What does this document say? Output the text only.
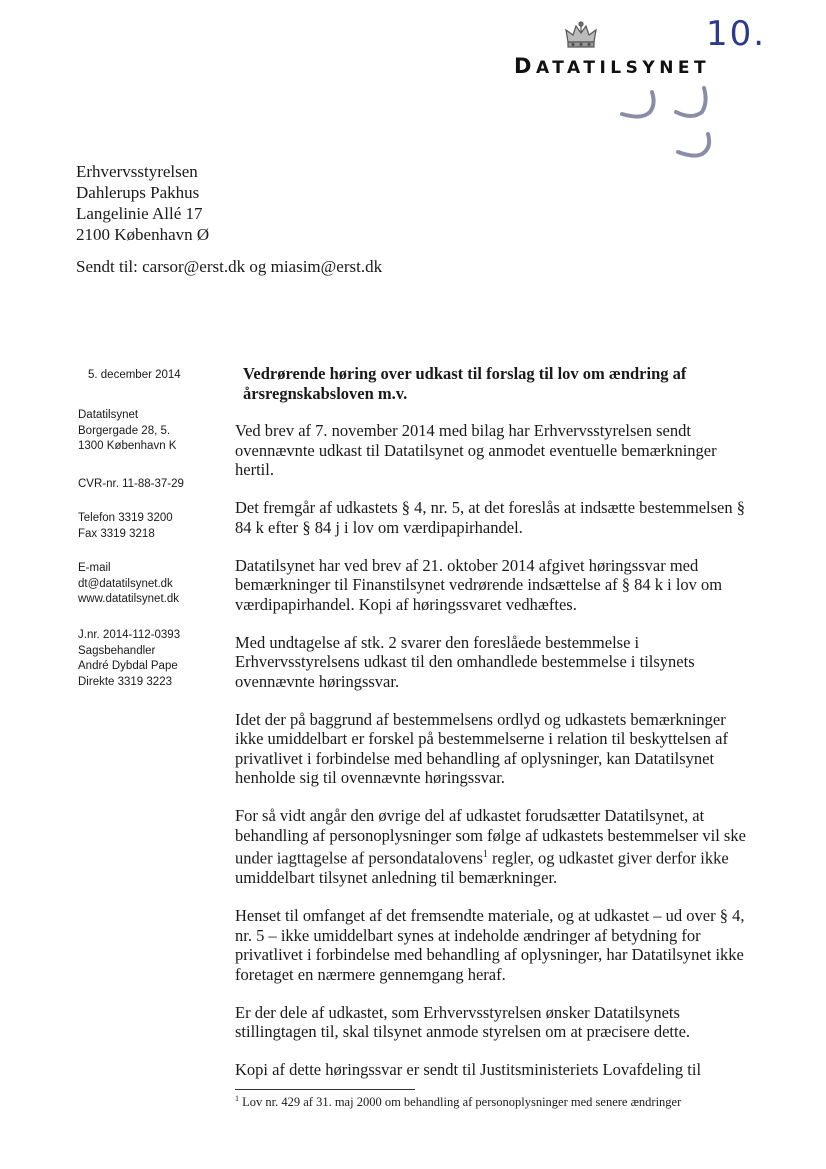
DATATILSYNET
10.
Erhvervsstyrelsen
Dahlerups Pakhus
Langelinie Allé 17
2100 København Ø
Sendt til: carsor@erst.dk og miasim@erst.dk
5. december 2014
Datatilsynet
Borgergade 28, 5.
1300 København K
CVR-nr. 11-88-37-29
Telefon 3319 3200
Fax 3319 3218
E-mail
dt@datatilsynet.dk
www.datatilsynet.dk
J.nr. 2014-112-0393
Sagsbehandler
André Dybdal Pape
Direkte 3319 3223
Vedrørende høring over udkast til forslag til lov om ændring af årsregnskabsloven m.v.

Ved brev af 7. november 2014 med bilag har Erhvervsstyrelsen sendt ovennævnte udkast til Datatilsynet og anmodet eventuelle bemærkninger hertil.

Det fremgår af udkastets § 4, nr. 5, at det foreslås at indsætte bestemmelsen § 84 k efter § 84 j i lov om værdipapirhandel.

Datatilsynet har ved brev af 21. oktober 2014 afgivet høringssvar med bemærkninger til Finanstilsynet vedrørende indsættelse af § 84 k i lov om værdipapirhandel. Kopi af høringssvaret vedhæftes.

Med undtagelse af stk. 2 svarer den foreslåede bestemmelse i Erhvervsstyrelsens udkast til den omhandlede bestemmelse i tilsynets ovennævnte høringssvar.

Idet der på baggrund af bestemmelsens ordlyd og udkastets bemærkninger ikke umiddelbart er forskel på bestemmelserne i relation til beskyttelsen af privatlivet i forbindelse med behandling af oplysninger, kan Datatilsynet henholde sig til ovennævnte høringssvar.

For så vidt angår den øvrige del af udkastet forudsætter Datatilsynet, at behandling af personoplysninger som følge af udkastets bestemmelser vil ske under iagttagelse af persondatalovens$^1$ regler, og udkastet giver derfor ikke umiddelbart tilsynet anledning til bemærkninger.

Henset til omfanget af det fremsendte materiale, og at udkastet – ud over § 4, nr. 5 – ikke umiddelbart synes at indeholde ændringer af betydning for privatlivet i forbindelse med behandling af oplysninger, har Datatilsynet ikke foretaget en nærmere gennemgang heraf.

Er der dele af udkastet, som Erhvervsstyrelsen ønsker Datatilsynets stillingtagen til, skal tilsynet anmode styrelsen om at præcisere dette.

Kopi af dette høringssvar er sendt til Justitsministeriets Lovafdeling til

$^1$ Lov nr. 429 af 31. maj 2000 om behandling af personoplysninger med senere ændringer
